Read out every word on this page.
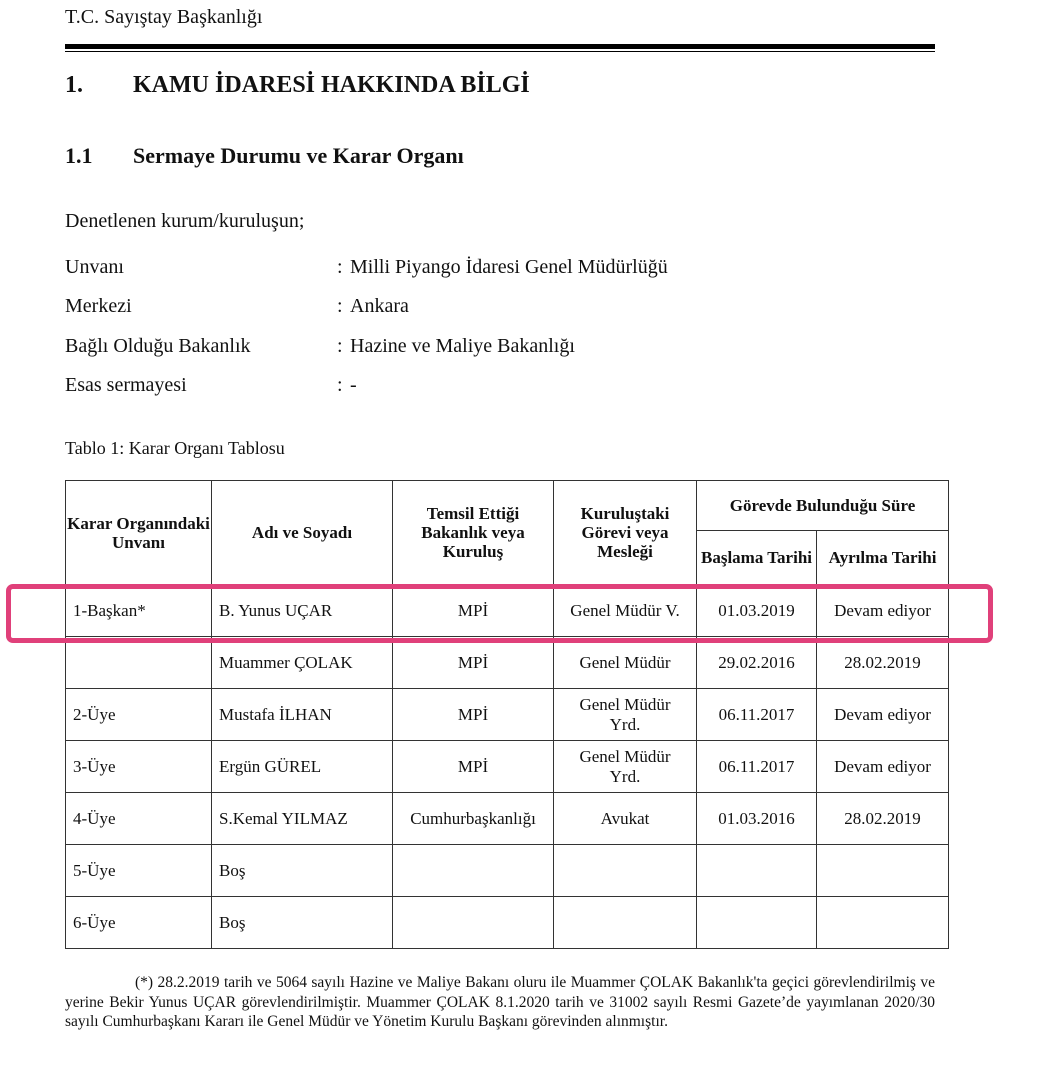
T.C. Sayıştay Başkanlığı
1. KAMU İDARESİ HAKKINDA BİLGİ
1.1 Sermaye Durumu ve Karar Organı
Denetlenen kurum/kuruluşun;
Unvanı	: Milli Piyango İdaresi Genel Müdürlüğü
Merkezi	: Ankara
Bağlı Olduğu Bakanlık	: Hazine ve Maliye Bakanlığı
Esas sermayesi	: -
Tablo 1: Karar Organı Tablosu
Karar Organındaki Unvanı	Adı ve Soyadı	Temsil Ettiği Bakanlık veya Kuruluş	Kuruluştaki Görevi veya Mesleği	Görevde Bulunduğu Süre	
				Başlama Tarihi	Ayrılma Tarihi
1-Başkan*	B. Yunus UÇAR	MPİ	Genel Müdür V.	01.03.2019	Devam ediyor
	Muammer ÇOLAK	MPİ	Genel Müdür	29.02.2016	28.02.2019
2-Üye	Mustafa İLHAN	MPİ	Genel Müdür Yrd.	06.11.2017	Devam ediyor
3-Üye	Ergün GÜREL	MPİ	Genel Müdür Yrd.	06.11.2017	Devam ediyor
4-Üye	S.Kemal YILMAZ	Cumhurbaşkanlığı	Avukat	01.03.2016	28.02.2019
5-Üye	Boş				
6-Üye	Boş				
(*) 28.2.2019 tarih ve 5064 sayılı Hazine ve Maliye Bakanı oluru ile Muammer ÇOLAK Bakanlık'ta geçici görevlendirilmiş ve yerine Bekir Yunus UÇAR görevlendirilmiştir. Muammer ÇOLAK 8.1.2020 tarih ve 31002 sayılı Resmi Gazete’de yayımlanan 2020/30 sayılı Cumhurbaşkanı Kararı ile Genel Müdür ve Yönetim Kurulu Başkanı görevinden alınmıştır.
